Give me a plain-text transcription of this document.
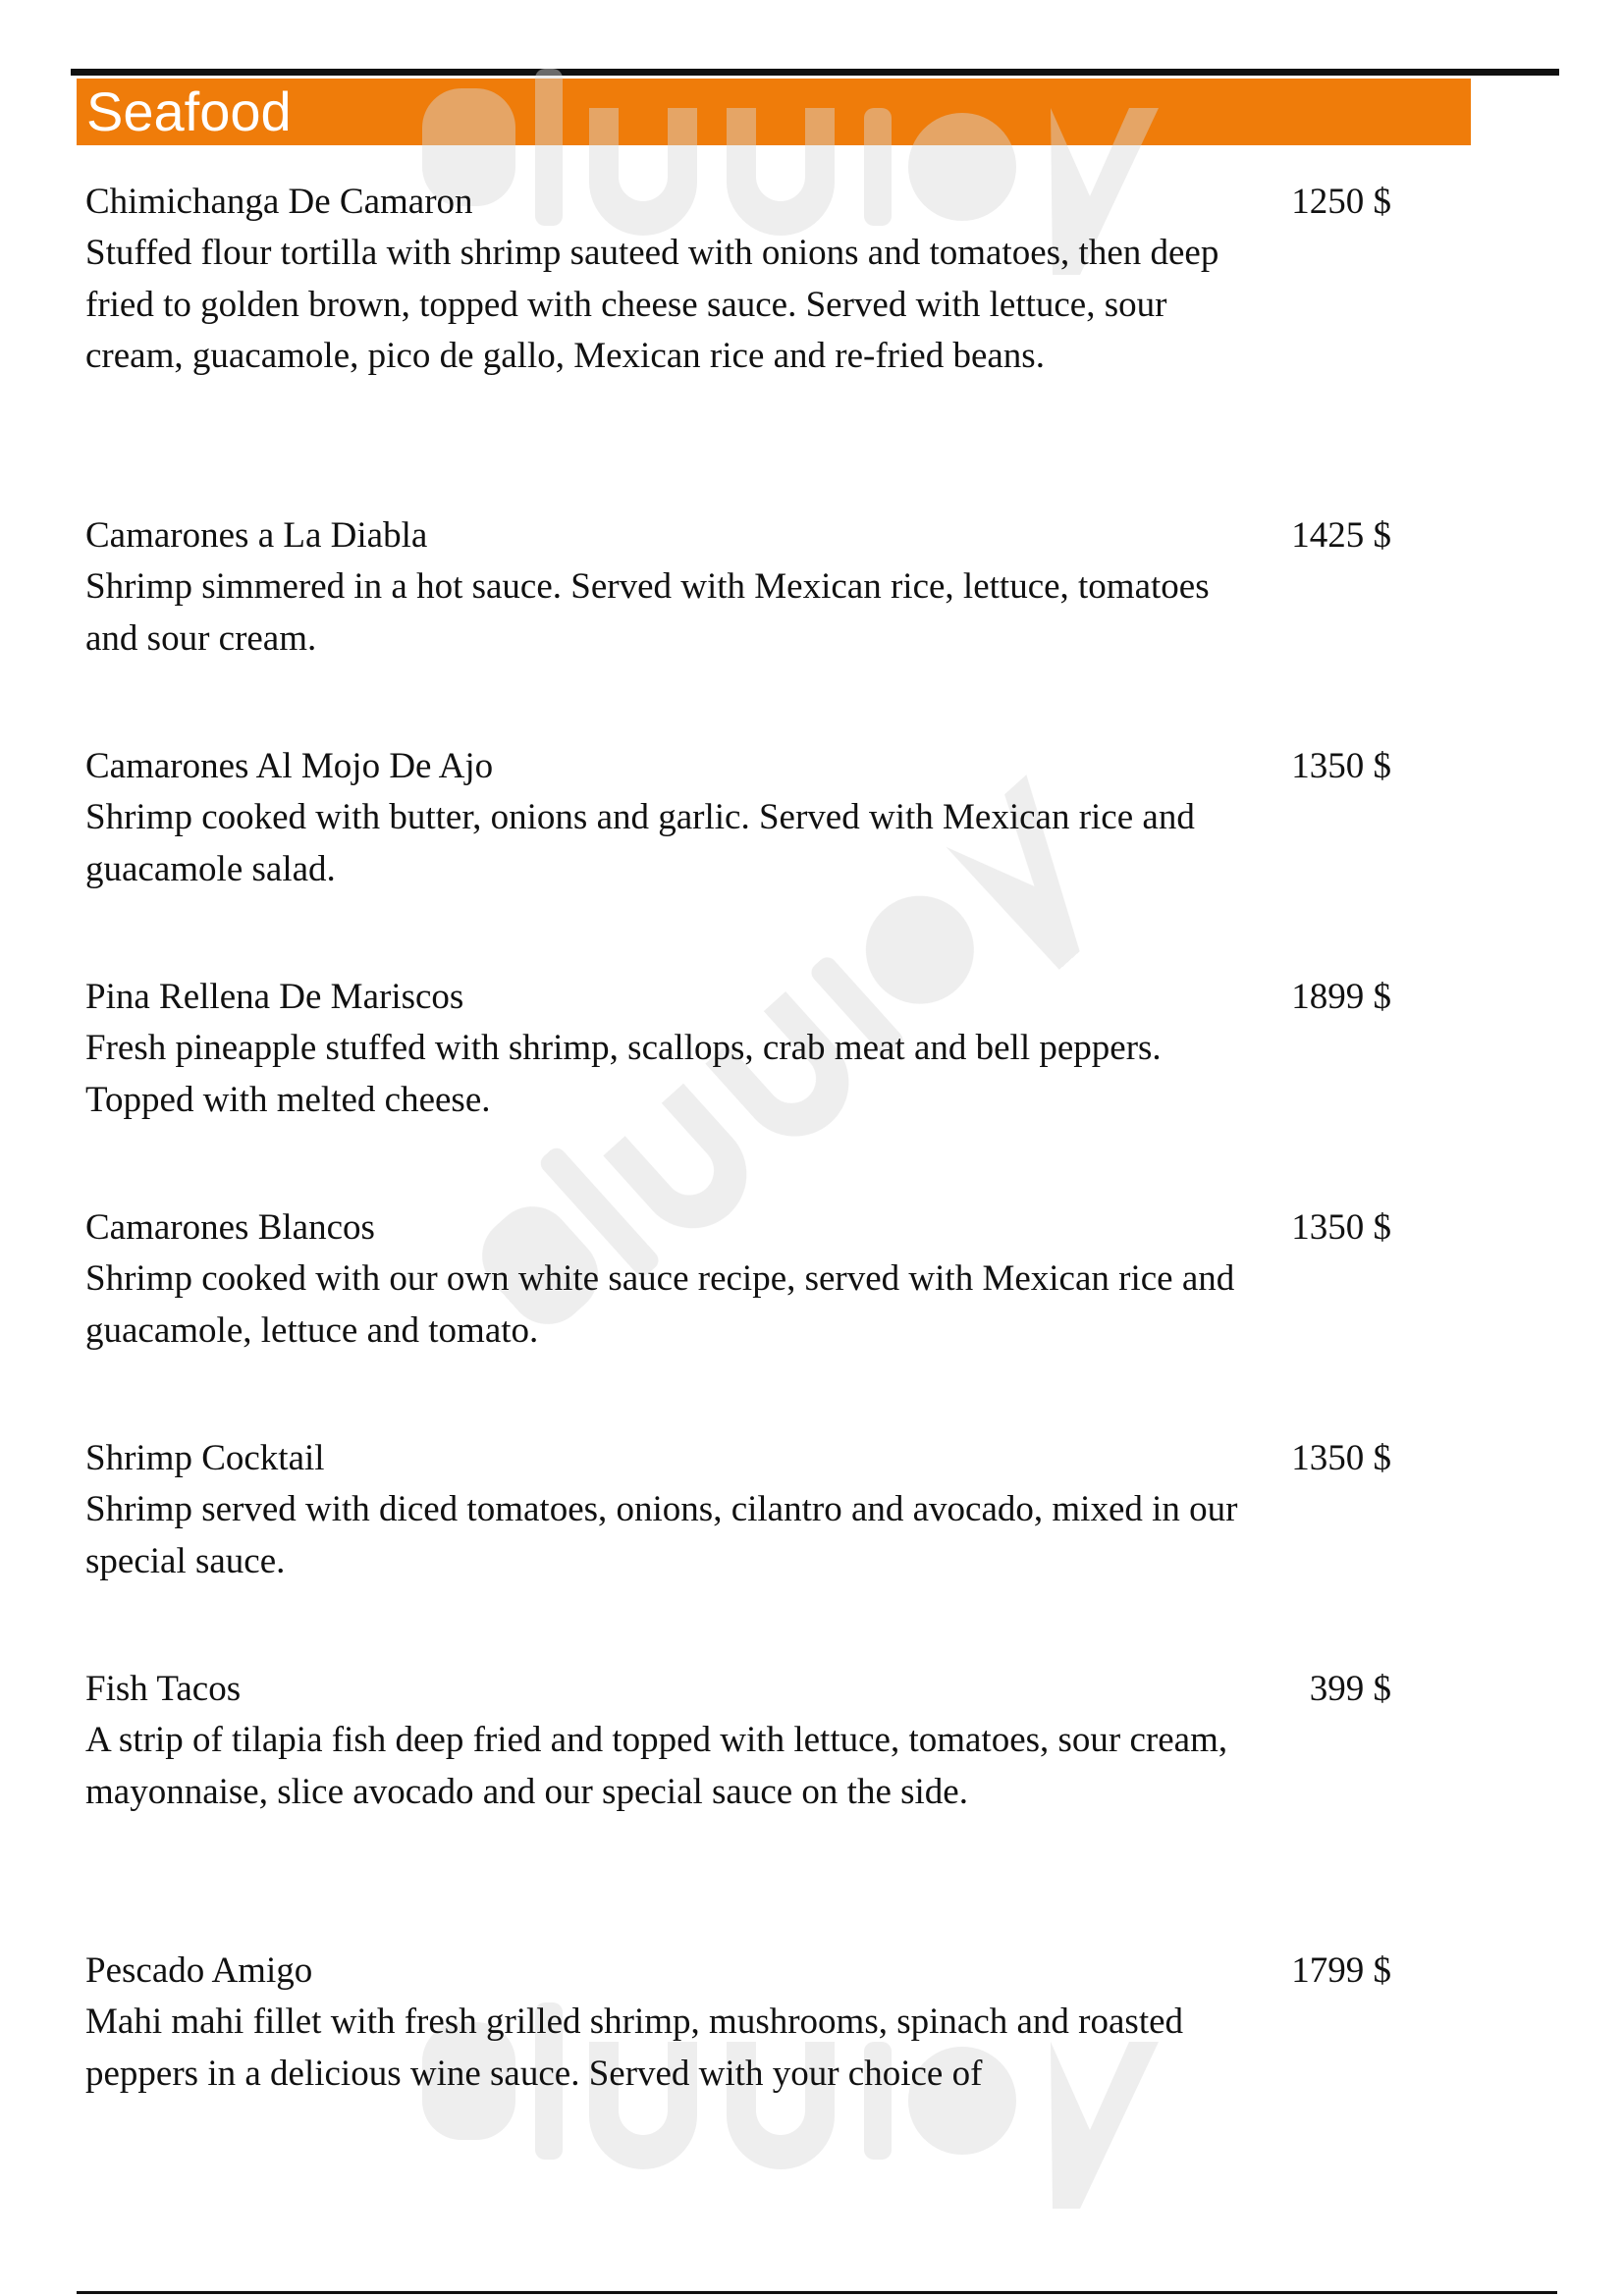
Seafood
Chimichanga De Camaron	1250 $
Stuffed flour tortilla with shrimp sauteed with onions and tomatoes, then deep fried to golden brown, topped with cheese sauce. Served with lettuce, sour cream, guacamole, pico de gallo, Mexican rice and re-fried beans.
Camarones a La Diabla	1425 $
Shrimp simmered in a hot sauce. Served with Mexican rice, lettuce, tomatoes and sour cream.
Camarones Al Mojo De Ajo	1350 $
Shrimp cooked with butter, onions and garlic. Served with Mexican rice and guacamole salad.
Pina Rellena De Mariscos	1899 $
Fresh pineapple stuffed with shrimp, scallops, crab meat and bell peppers. Topped with melted cheese.
Camarones Blancos	1350 $
Shrimp cooked with our own white sauce recipe, served with Mexican rice and guacamole, lettuce and tomato.
Shrimp Cocktail	1350 $
Shrimp served with diced tomatoes, onions, cilantro and avocado, mixed in our special sauce.
Fish Tacos	399 $
A strip of tilapia fish deep fried and topped with lettuce, tomatoes, sour cream, mayonnaise, slice avocado and our special sauce on the side.
Pescado Amigo	1799 $
Mahi mahi fillet with fresh grilled shrimp, mushrooms, spinach and roasted peppers in a delicious wine sauce. Served with your choice of
